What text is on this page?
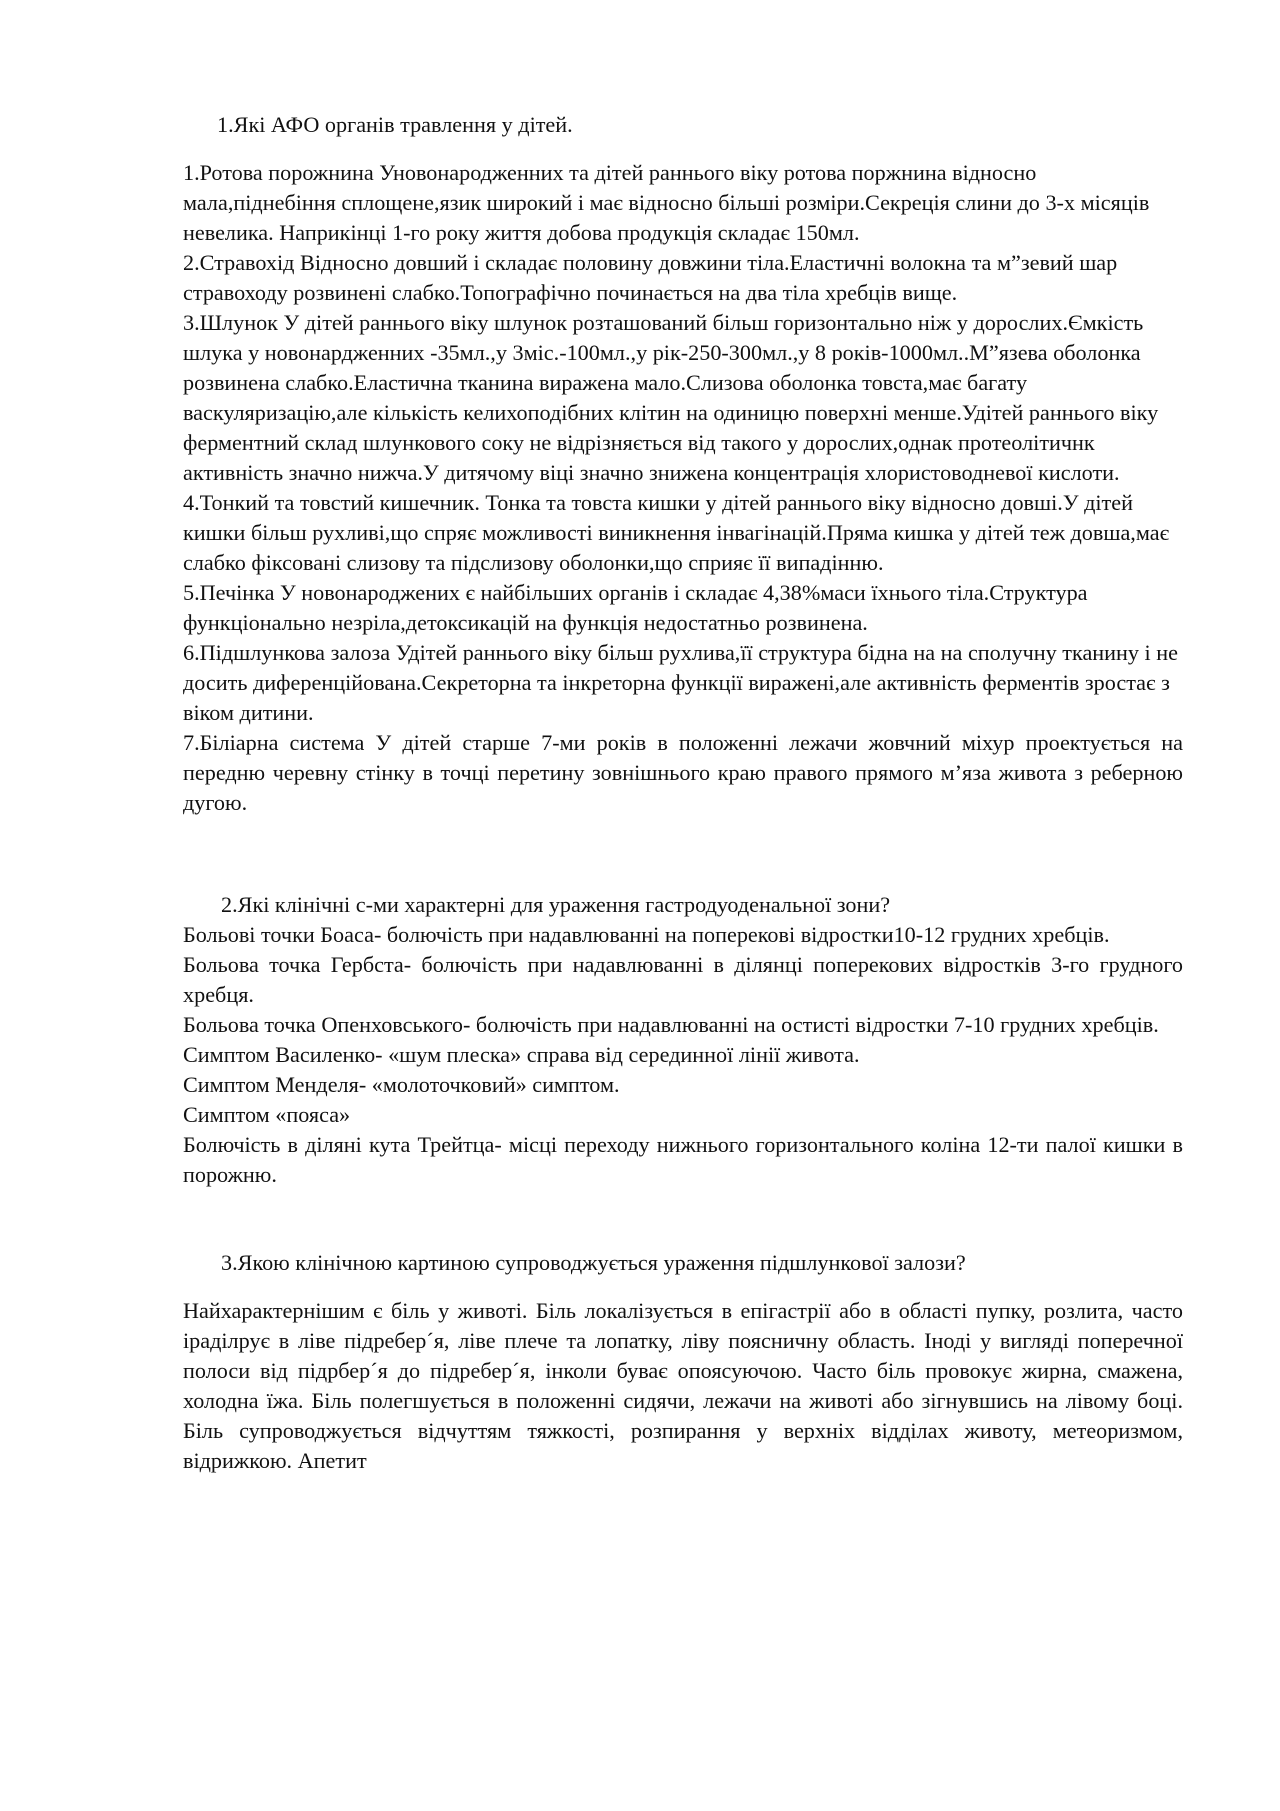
1.Які АФО органів травлення у дітей.

1.Ротова порожнина Уновонародженних та дітей раннього віку ротова поржнина відносно мала,піднебіння сплощене,язик широкий і має відносно більші розміри.Секреція слини до 3-х місяців невелика. Наприкінці 1-го року життя добова продукція складає 150мл.

2.Стравохід Відносно довший і складає половину довжини тіла.Еластичні волокна та м”зевий шар стравоходу розвинені слабко.Топографічно починається на два тіла хребців вище.

3.Шлунок У дітей раннього віку шлунок розташований більш горизонтально ніж у дорослих.Ємкість шлука у новонардженних -35мл.,у 3міс.-100мл.,у рік-250-300мл.,у 8 років-1000мл..М”язева оболонка розвинена слабко.Еластична тканина виражена мало.Слизова оболонка товста,має багату васкуляризацію,але кількість келихоподібних клітин на одиницю поверхні менше.Удітей раннього віку ферментний склад шлункового соку не відрізняється від такого у дорослих,однак протеолітичнк активність значно нижча.У дитячому віці значно знижена концентрація хлористоводневої кислоти.

4.Тонкий та товстий кишечник. Тонка та товста кишки у дітей раннього віку відносно довші.У дітей кишки більш рухливі,що спряє можливості виникнення інвагінацій.Пряма кишка у дітей теж довша,має слабко фіксовані слизову та підслизову оболонки,що сприяє її випадінню.

5.Печінка У новонароджених є найбільших органів і складає 4,38%маси їхнього тіла.Структура функціонально незріла,детоксикацій на функція недостатньо розвинена.

6.Підшлункова залоза Удітей раннього віку більш рухлива,її структура бідна на на сполучну тканину і не досить диференційована.Секреторна та інкреторна функції виражені,але активність ферментів зростає з віком дитини.

7.Біліарна система У дітей старше 7-ми років в положенні лежачи жовчний міхур проектується на передню черевну стінку в точці перетину зовнішнього краю правого прямого м’яза живота з реберною дугою.

2.Які клінічні с-ми характерні для ураження гастродуоденальної зони?

Больові точки Боаса- болючість при надавлюванні на поперекові відростки10-12 грудних хребців.

Больова точка Гербста- болючість при надавлюванні в ділянці поперекових відростків 3-го грудного хребця.

Больова точка Опенховського- болючість при надавлюванні на остисті відростки 7-10 грудних хребців.

Симптом Василенко- «шум плеска» справа від серединної лінії живота.

Симптом Менделя- «молоточковий» симптом.

Симптом «пояса»

Болючість в діляні кута Трейтца- місці переходу нижнього горизонтального коліна 12-ти палої кишки в порожню.

3.Якою клінічною картиною супроводжується ураження підшлункової залози?

Найхарактернішим є біль у животі. Біль локалізується в епігастрії або в області пупку, розлита, часто іраділрує в ліве підребер´я, ліве плече та лопатку, ліву поясничну область. Іноді у вигляді поперечної полоси від підрбер´я до підребер´я, інколи буває опоясуючою. Часто біль провокує жирна, смажена, холодна їжа. Біль полегшується в положенні сидячи, лежачи на животі або зігнувшись на лівому боці. Біль супроводжується відчуттям тяжкості, розпирання у верхніх відділах животу, метеоризмом, відрижкою. Апетит
